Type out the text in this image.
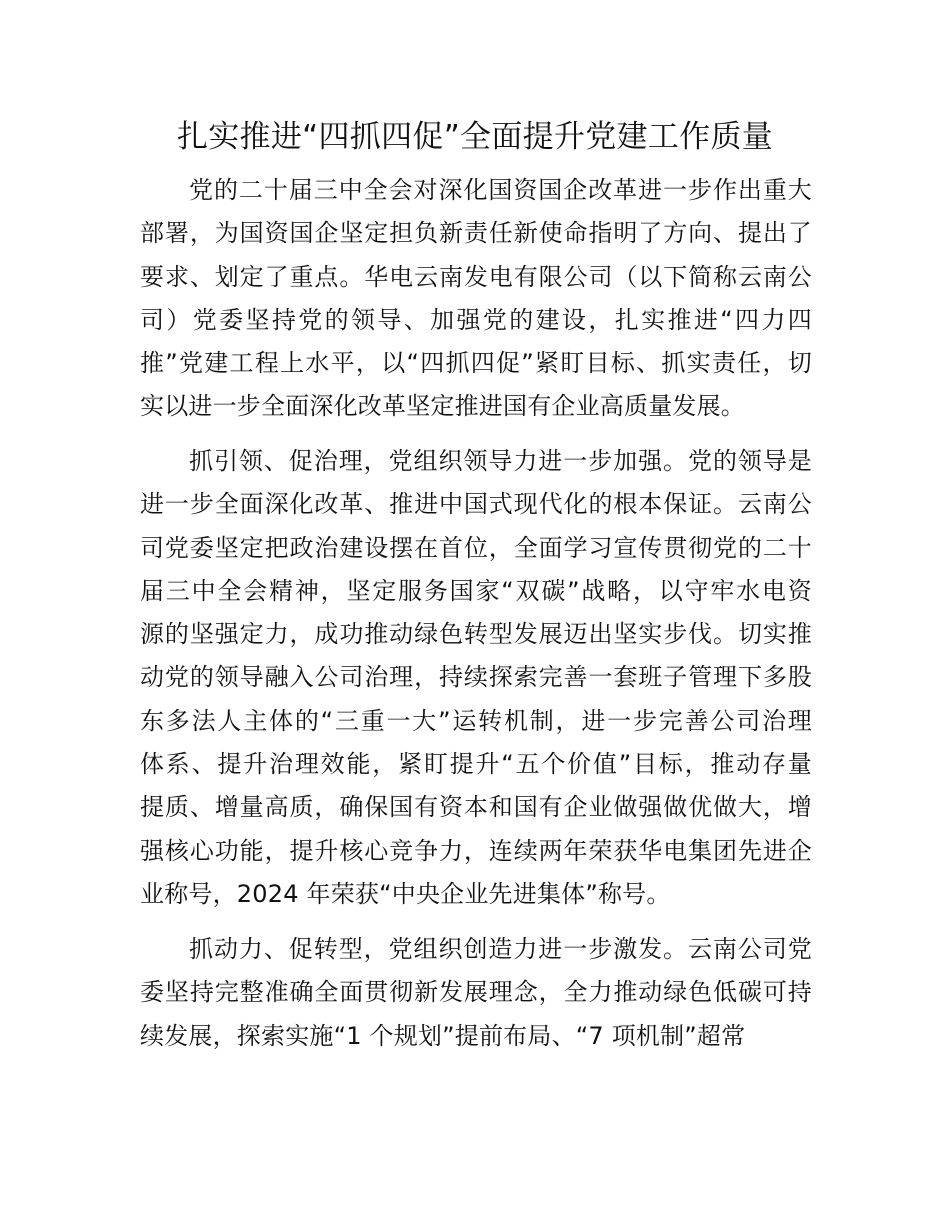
扎实推进“四抓四促”全面提升党建工作质量
党的二十届三中全会对深化国资国企改革进一步作出重大
部署，为国资国企坚定担负新责任新使命指明了方向、提出了
要求、划定了重点。华电云南发电有限公司（以下简称云南公
司）党委坚持党的领导、加强党的建设，扎实推进“四力四
推”党建工程上水平，以“四抓四促”紧盯目标、抓实责任，切
实以进一步全面深化改革坚定推进国有企业高质量发展。
抓引领、促治理，党组织领导力进一步加强。党的领导是
进一步全面深化改革、推进中国式现代化的根本保证。云南公
司党委坚定把政治建设摆在首位，全面学习宣传贯彻党的二十
届三中全会精神，坚定服务国家“双碳”战略，以守牢水电资
源的坚强定力，成功推动绿色转型发展迈出坚实步伐。切实推
动党的领导融入公司治理，持续探索完善一套班子管理下多股
东多法人主体的“三重一大”运转机制，进一步完善公司治理
体系、提升治理效能，紧盯提升“五个价值”目标，推动存量
提质、增量高质，确保国有资本和国有企业做强做优做大，增
强核心功能，提升核心竞争力，连续两年荣获华电集团先进企
业称号，2024 年荣获“中央企业先进集体”称号。
抓动力、促转型，党组织创造力进一步激发。云南公司党
委坚持完整准确全面贯彻新发展理念，全力推动绿色低碳可持
续发展，探索实施“1 个规划”提前布局、“7 项机制”超常
